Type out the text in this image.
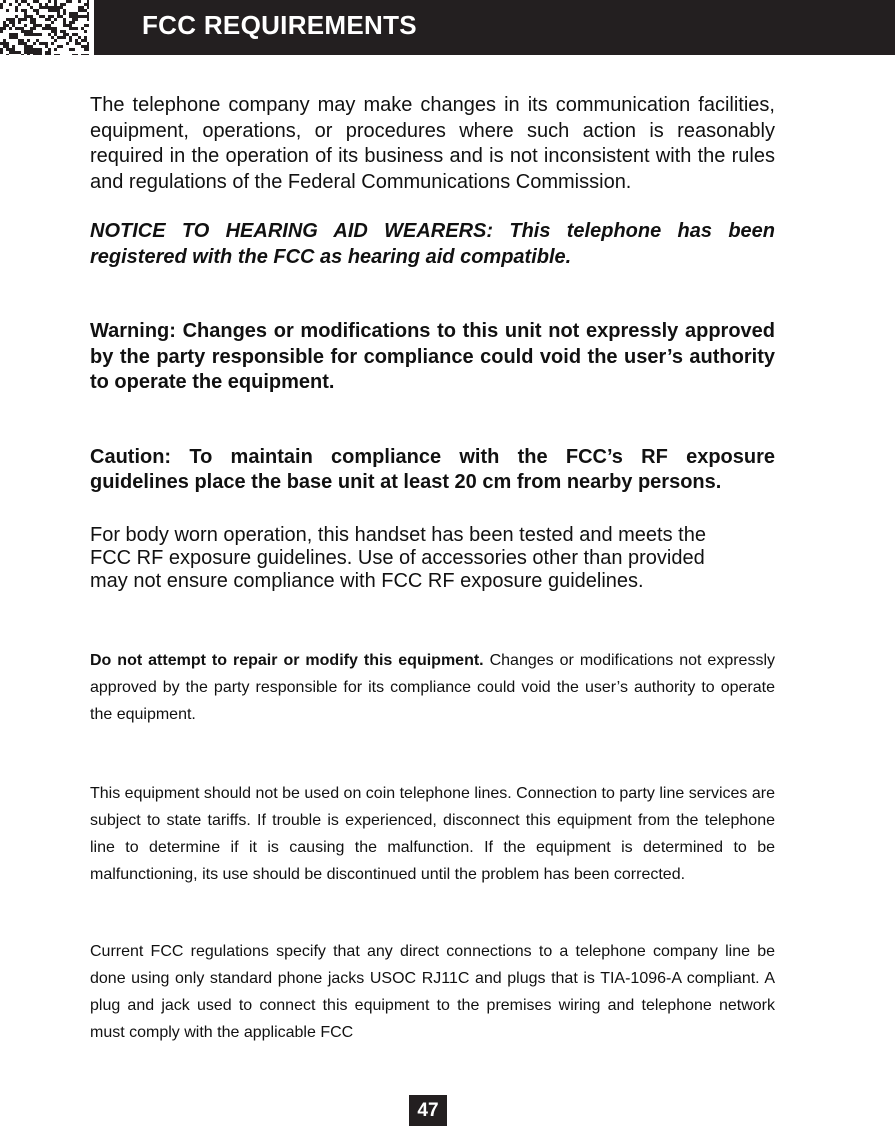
FCC REQUIREMENTS

The telephone company may make changes in its communication facilities, equipment, operations, or procedures where such action is reasonably required in the operation of its business and is not inconsistent with the rules and regulations of the Federal Communications Commission.

NOTICE TO HEARING AID WEARERS: This telephone has been registered with the FCC as hearing aid compatible.

Warning: Changes or modifications to this unit not expressly approved by the party responsible for compliance could void the user’s authority to operate the equipment.

Caution: To maintain compliance with the FCC’s RF exposure guidelines place the base unit at least 20 cm from nearby persons.

For body worn operation, this handset has been tested and meets the

FCC RF exposure guidelines. Use of accessories other than provided

may not ensure compliance with FCC RF exposure guidelines.

Do not attempt to repair or modify this equipment. Changes or modifications not expressly approved by the party responsible for its compliance could void the user’s authority to operate the equipment.

This equipment should not be used on coin telephone lines. Connection to party line services are subject to state tariffs. If trouble is experienced, disconnect this equipment from the telephone line to determine if it is causing the malfunction. If the equipment is determined to be malfunctioning, its use should be discontinued until the problem has been corrected.

Current FCC regulations specify that any direct connections to a telephone company line be done using only standard phone jacks USOC RJ11C and plugs that is TIA-1096-A compliant. A plug and jack used to connect this equipment to the premises wiring and telephone network must comply with the applicable FCC

47
